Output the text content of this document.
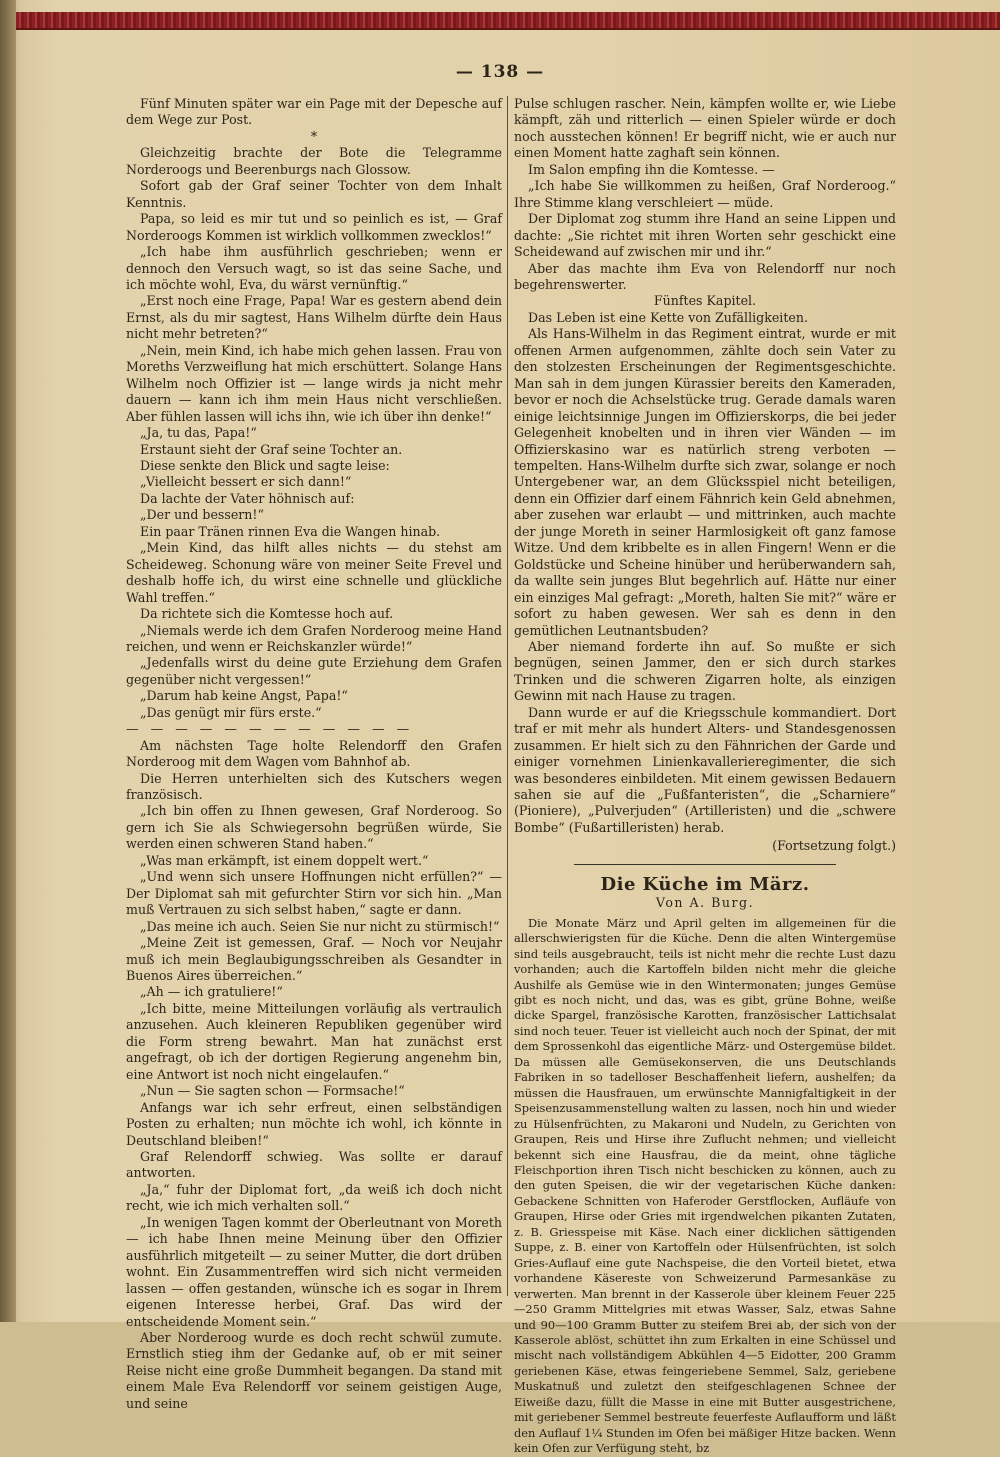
— 138 —

Fünf Minuten später war ein Page mit der Depesche auf dem Wege zur Post.

*

Gleichzeitig brachte der Bote die Telegramme Norderoogs und Beerenburgs nach Glossow.

Sofort gab der Graf seiner Tochter von dem Inhalt Kenntnis.

Papa, so leid es mir tut und so peinlich es ist, — Graf Norderoogs Kommen ist wirklich vollkommen zwecklos!“

„Ich habe ihm ausführlich geschrieben; wenn er dennoch den Versuch wagt, so ist das seine Sache, und ich möchte wohl, Eva, du wärst vernünftig.“

„Erst noch eine Frage, Papa! War es gestern abend dein Ernst, als du mir sagtest, Hans Wilhelm dürfte dein Haus nicht mehr betreten?“

„Nein, mein Kind, ich habe mich gehen lassen. Frau von Moreths Verzweiflung hat mich erschüttert. Solange Hans Wilhelm noch Offizier ist — lange wirds ja nicht mehr dauern — kann ich ihm mein Haus nicht verschließen. Aber fühlen lassen will ichs ihn, wie ich über ihn denke!“

„Ja, tu das, Papa!“

Erstaunt sieht der Graf seine Tochter an.

Diese senkte den Blick und sagte leise:

„Vielleicht bessert er sich dann!“

Da lachte der Vater höhnisch auf:

„Der und bessern!“

Ein paar Tränen rinnen Eva die Wangen hinab.

„Mein Kind, das hilft alles nichts — du stehst am Scheideweg. Schonung wäre von meiner Seite Frevel und deshalb hoffe ich, du wirst eine schnelle und glückliche Wahl treffen.“

Da richtete sich die Komtesse hoch auf.

„Niemals werde ich dem Grafen Norderoog meine Hand reichen, und wenn er Reichskanzler würde!“

„Jedenfalls wirst du deine gute Erziehung dem Grafen gegenüber nicht vergessen!“

„Darum hab keine Angst, Papa!“

„Das genügt mir fürs erste.“

— — — — — — — — — — — —

Am nächsten Tage holte Relendorff den Grafen Norderoog mit dem Wagen vom Bahnhof ab.

Die Herren unterhielten sich des Kutschers wegen französisch.

„Ich bin offen zu Ihnen gewesen, Graf Norderoog. So gern ich Sie als Schwiegersohn begrüßen würde, Sie werden einen schweren Stand haben.“

„Was man erkämpft, ist einem doppelt wert.“

„Und wenn sich unsere Hoffnungen nicht erfüllen?“ — Der Diplomat sah mit gefurchter Stirn vor sich hin. „Man muß Vertrauen zu sich selbst haben,“ sagte er dann.

„Das meine ich auch. Seien Sie nur nicht zu stürmisch!“

„Meine Zeit ist gemessen, Graf. — Noch vor Neujahr muß ich mein Beglaubigungsschreiben als Gesandter in Buenos Aires überreichen.“

„Ah — ich gratuliere!“

„Ich bitte, meine Mitteilungen vorläufig als vertraulich anzusehen. Auch kleineren Republiken gegenüber wird die Form streng bewahrt. Man hat zunächst erst angefragt, ob ich der dortigen Regierung angenehm bin, eine Antwort ist noch nicht eingelaufen.“

„Nun — Sie sagten schon — Formsache!“

Anfangs war ich sehr erfreut, einen selbständigen Posten zu erhalten; nun möchte ich wohl, ich könnte in Deutschland bleiben!“

Graf Relendorff schwieg. Was sollte er darauf antworten.

„Ja,“ fuhr der Diplomat fort, „da weiß ich doch nicht recht, wie ich mich verhalten soll.“

„In wenigen Tagen kommt der Oberleutnant von Moreth — ich habe Ihnen meine Meinung über den Offizier ausführlich mitgeteilt — zu seiner Mutter, die dort drüben wohnt. Ein Zusammentreffen wird sich nicht vermeiden lassen — offen gestanden, wünsche ich es sogar in Ihrem eigenen Interesse herbei, Graf. Das wird der entscheidende Moment sein.“

Aber Norderoog wurde es doch recht schwül zumute. Ernstlich stieg ihm der Gedanke auf, ob er mit seiner Reise nicht eine große Dummheit begangen. Da stand mit einem Male Eva Relendorff vor seinem geistigen Auge, und seine

Pulse schlugen rascher. Nein, kämpfen wollte er, wie Liebe kämpft, zäh und ritterlich — einen Spieler würde er doch noch ausstechen können! Er begriff nicht, wie er auch nur einen Moment hatte zaghaft sein können.

Im Salon empfing ihn die Komtesse. —

„Ich habe Sie willkommen zu heißen, Graf Norderoog.“ Ihre Stimme klang verschleiert — müde.

Der Diplomat zog stumm ihre Hand an seine Lippen und dachte: „Sie richtet mit ihren Worten sehr geschickt eine Scheidewand auf zwischen mir und ihr.“

Aber das machte ihm Eva von Relendorff nur noch begehrenswerter.

Fünftes Kapitel.

Das Leben ist eine Kette von Zufälligkeiten.

Als Hans-Wilhelm in das Regiment eintrat, wurde er mit offenen Armen aufgenommen, zählte doch sein Vater zu den stolzesten Erscheinungen der Regimentsgeschichte. Man sah in dem jungen Kürassier bereits den Kameraden, bevor er noch die Achselstücke trug. Gerade damals waren einige leichtsinnige Jungen im Offizierskorps, die bei jeder Gelegenheit knobelten und in ihren vier Wänden — im Offizierskasino war es natürlich streng verboten — tempelten. Hans-Wilhelm durfte sich zwar, solange er noch Untergebener war, an dem Glücksspiel nicht beteiligen, denn ein Offizier darf einem Fähnrich kein Geld abnehmen, aber zusehen war erlaubt — und mittrinken, auch machte der junge Moreth in seiner Harmlosigkeit oft ganz famose Witze. Und dem kribbelte es in allen Fingern! Wenn er die Goldstücke und Scheine hinüber und herüberwandern sah, da wallte sein junges Blut begehrlich auf. Hätte nur einer ein einziges Mal gefragt: „Moreth, halten Sie mit?“ wäre er sofort zu haben gewesen. Wer sah es denn in den gemütlichen Leutnantsbuden?

Aber niemand forderte ihn auf. So mußte er sich begnügen, seinen Jammer, den er sich durch starkes Trinken und die schweren Zigarren holte, als einzigen Gewinn mit nach Hause zu tragen.

Dann wurde er auf die Kriegsschule kommandiert. Dort traf er mit mehr als hundert Alters- und Standesgenossen zusammen. Er hielt sich zu den Fähnrichen der Garde und einiger vornehmen Linienkavallerieregimenter, die sich was besonderes einbildeten. Mit einem gewissen Bedauern sahen sie auf die „Fußfanteristen“, die „Scharniere“ (Pioniere), „Pulverjuden“ (Artilleristen) und die „schwere Bombe“ (Fußartilleristen) herab.

(Fortsetzung folgt.)

Die Küche im März.
Von A. Burg.

Die Monate März und April gelten im allgemeinen für die allerschwierigsten für die Küche. Denn die alten Wintergemüse sind teils ausgebraucht, teils ist nicht mehr die rechte Lust dazu vorhanden; auch die Kartoffeln bilden nicht mehr die gleiche Aushilfe als Gemüse wie in den Wintermonaten; junges Gemüse gibt es noch nicht, und das, was es gibt, grüne Bohne, weiße dicke Spargel, französische Karotten, französischer Lattichsalat sind noch teuer. Teuer ist vielleicht auch noch der Spinat, der mit dem Sprossenkohl das eigentliche März- und Ostergemüse bildet. Da müssen alle Gemüsekonserven, die uns Deutschlands Fabriken in so tadelloser Beschaffenheit liefern, aushelfen; da müssen die Hausfrauen, um erwünschte Mannigfaltigkeit in der Speisenzusammenstellung walten zu lassen, noch hin und wieder zu Hülsenfrüchten, zu Makaroni und Nudeln, zu Gerichten von Graupen, Reis und Hirse ihre Zuflucht nehmen; und vielleicht bekennt sich eine Hausfrau, die da meint, ohne tägliche Fleischportion ihren Tisch nicht beschicken zu können, auch zu den guten Speisen, die wir der vegetarischen Küche danken: Gebackene Schnitten von Haferoder Gerstflocken, Aufläufe von Graupen, Hirse oder Gries mit irgendwelchen pikanten Zutaten, z. B. Griesspeise mit Käse. Nach einer dicklichen sättigenden Suppe, z. B. einer von Kartoffeln oder Hülsenfrüchten, ist solch Gries-Auflauf eine gute Nachspeise, die den Vorteil bietet, etwa vorhandene Käsereste von Schweizerund Parmesankäse zu verwerten. Man brennt in der Kasserole über kleinem Feuer 225—250 Gramm Mittelgries mit etwas Wasser, Salz, etwas Sahne und 90—100 Gramm Butter zu steifem Brei ab, der sich von der Kasserole ablöst, schüttet ihn zum Erkalten in eine Schüssel und mischt nach vollständigem Abkühlen 4—5 Eidotter, 200 Gramm geriebenen Käse, etwas feingeriebene Semmel, Salz, geriebene Muskatnuß und zuletzt den steifgeschlagenen Schnee der Eiweiße dazu, füllt die Masse in eine mit Butter ausgestrichene, mit geriebener Semmel bestreute feuerfeste Auflaufform und läßt den Auflauf 1¼ Stunden im Ofen bei mäßiger Hitze backen. Wenn kein Ofen zur Verfügung steht, bz
